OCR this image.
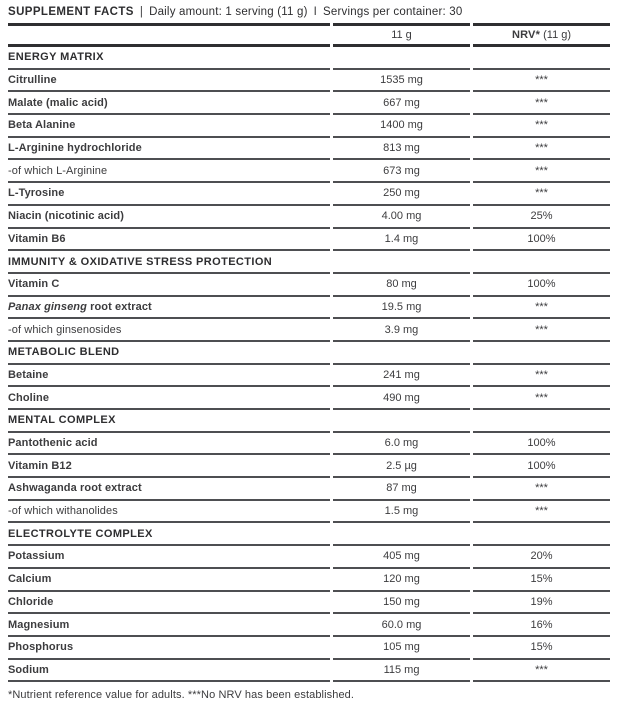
SUPPLEMENT FACTS | Daily amount: 1 serving (11 g) I Servings per container: 30
11 g	NRV* (11 g)
ENERGY MATRIX
Citrulline	1535 mg	***
Malate (malic acid)	667 mg	***
Beta Alanine	1400 mg	***
L-Arginine hydrochloride	813 mg	***
-of which L-Arginine	673 mg	***
L-Tyrosine	250 mg	***
Niacin (nicotinic acid)	4.00 mg	25%
Vitamin B6	1.4 mg	100%
IMMUNITY & OXIDATIVE STRESS PROTECTION
Vitamin C	80 mg	100%
Panax ginseng root extract	19.5 mg	***
-of which ginsenosides	3.9 mg	***
METABOLIC BLEND
Betaine	241 mg	***
Choline	490 mg	***
MENTAL COMPLEX
Pantothenic acid	6.0 mg	100%
Vitamin B12	2.5 µg	100%
Ashwaganda root extract	87 mg	***
-of which withanolides	1.5 mg	***
ELECTROLYTE COMPLEX
Potassium	405 mg	20%
Calcium	120 mg	15%
Chloride	150 mg	19%
Magnesium	60.0 mg	16%
Phosphorus	105 mg	15%
Sodium	115 mg	***
*Nutrient reference value for adults. ***No NRV has been established.
